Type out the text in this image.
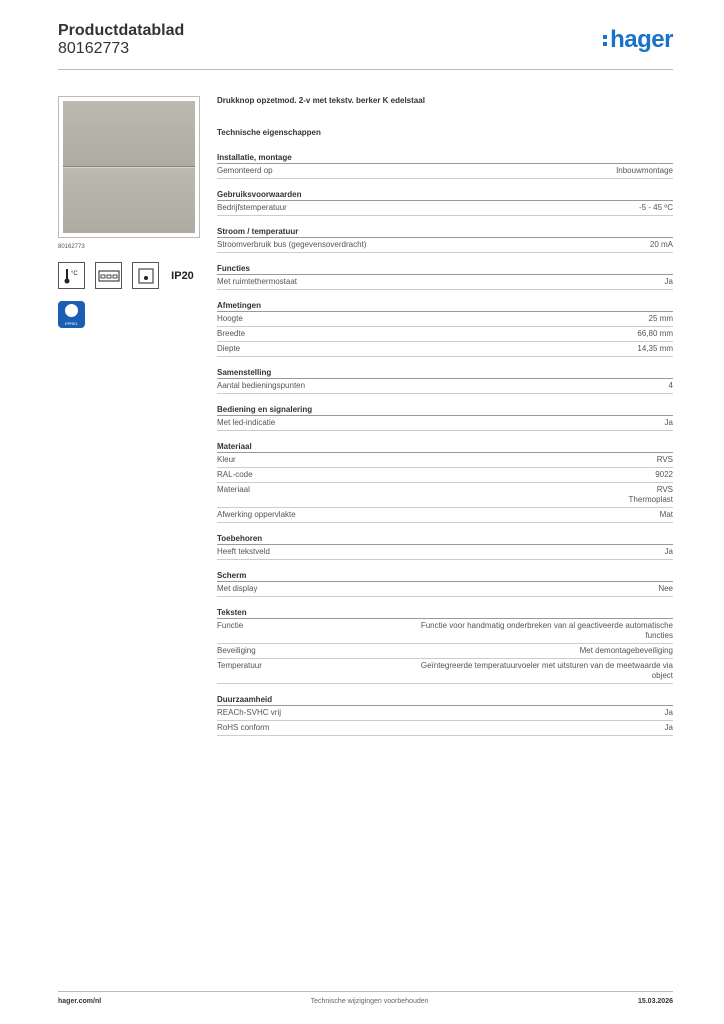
Productdatablad
80162773	hager
80162773
°C	IP20
EPREL
Drukknop opzetmod. 2-v met tekstv. berker K edelstaal
Technische eigenschappen
Installatie, montage
Gemonteerd op	Inbouwmontage
Gebruiksvoorwaarden
Bedrijfstemperatuur	-5 - 45 ºC
Stroom / temperatuur
Stroomverbruik bus (gegevensoverdracht)	20 mA
Functies
Met ruimtethermostaat	Ja
Afmetingen
Hoogte	25 mm
Breedte	66,80 mm
Diepte	14,35 mm
Samenstelling
Aantal bedieningspunten	4
Bediening en signalering
Met led-indicatie	Ja
Materiaal
Kleur	RVS
RAL-code	9022
Materiaal	RVS
Thermoplast
Afwerking oppervlakte	Mat
Toebehoren
Heeft tekstveld	Ja
Scherm
Met display	Nee
Teksten
Functie	Functie voor handmatig onderbreken van al geactiveerde automatische functies
Beveiliging	Met demontagebeveiliging
Temperatuur	Geïntegreerde temperatuurvoeler met uitsturen van de meetwaarde via object
Duurzaamheid
REACh-SVHC vrij	Ja
RoHS conform	Ja
hager.com/nl	Technische wijzigingen voorbehouden	15.03.2026
